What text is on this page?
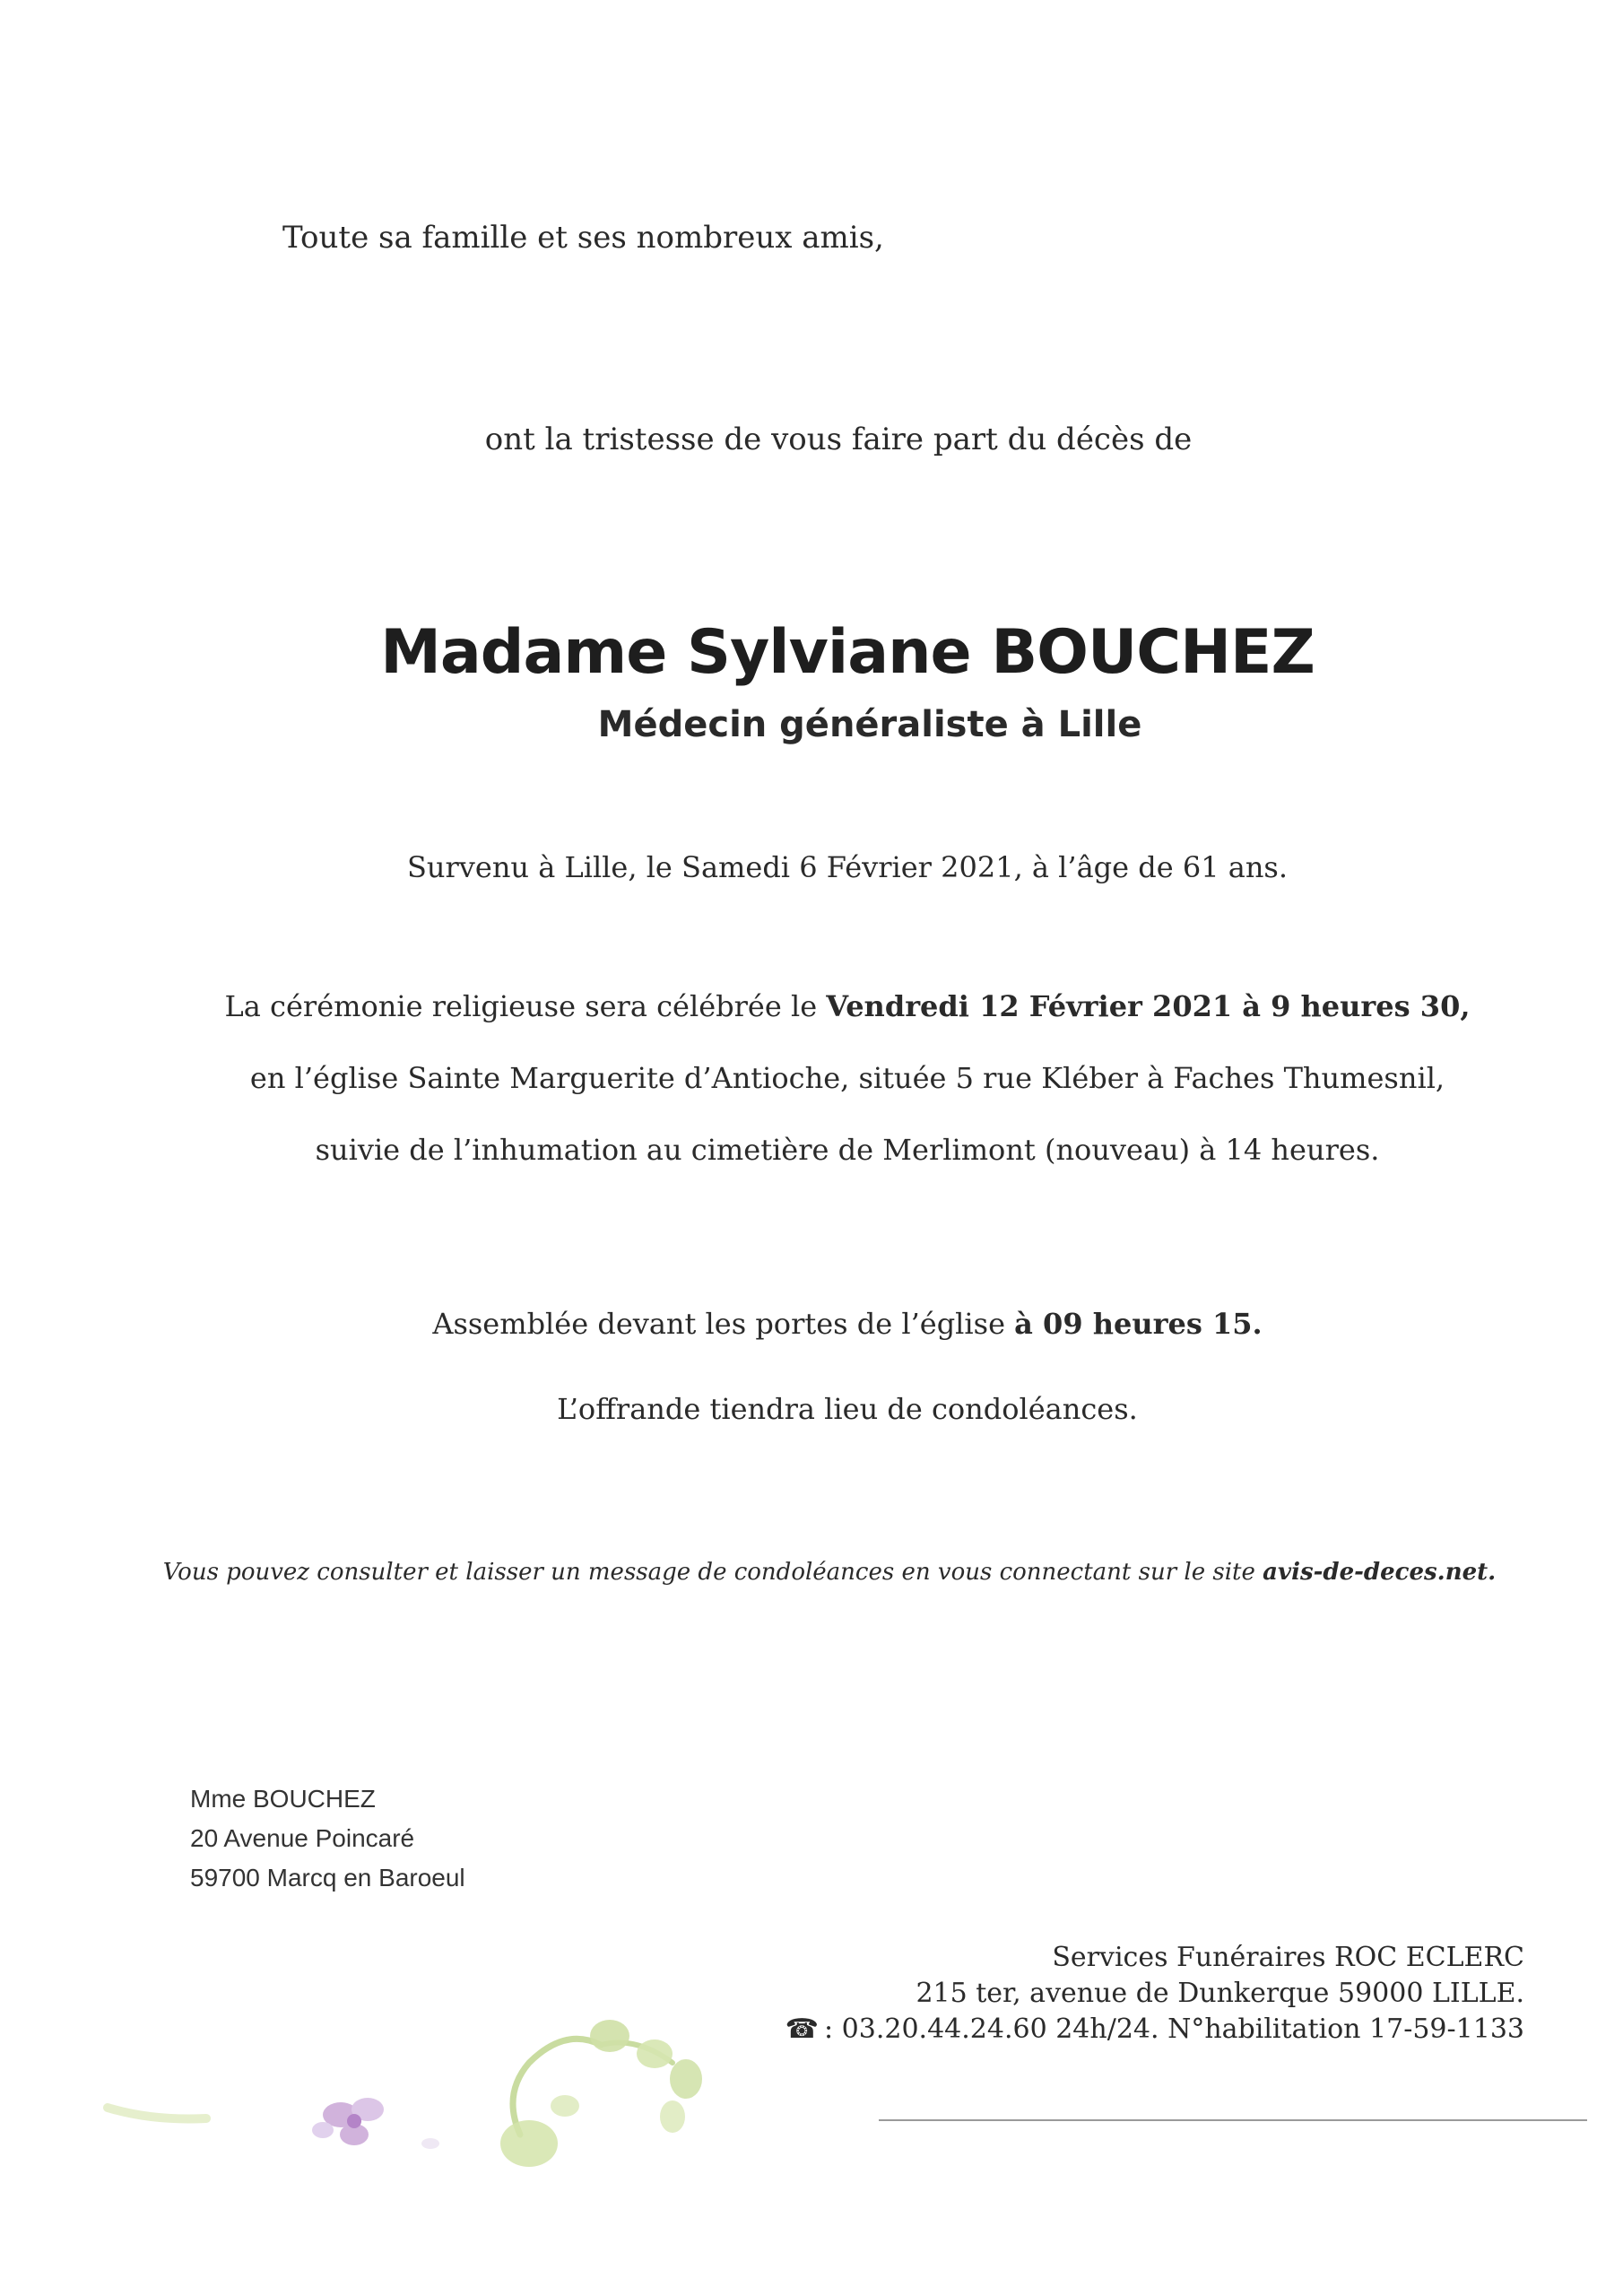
Toute sa famille et ses nombreux amis,
ont la tristesse de vous faire part du décès de
Madame Sylviane BOUCHEZ
Médecin généraliste à Lille
Survenu à Lille, le Samedi 6 Février 2021, à l’âge de 61 ans.
La cérémonie religieuse sera célébrée le Vendredi 12 Février 2021 à 9 heures 30,
en l’église Sainte Marguerite d’Antioche, située 5 rue Kléber à Faches Thumesnil,
suivie de l’inhumation au cimetière de Merlimont (nouveau) à 14 heures.
Assemblée devant les portes de l’église à 09 heures 15.
L’offrande tiendra lieu de condoléances.
Vous pouvez consulter et laisser un message de condoléances en vous connectant sur le site avis-de-deces.net.
Mme BOUCHEZ
20 Avenue Poincaré
59700 Marcq en Baroeul
Services Funéraires ROC ECLERC
215 ter, avenue de Dunkerque 59000 LILLE.
☎ : 03.20.44.24.60 24h/24. N°habilitation 17-59-1133
